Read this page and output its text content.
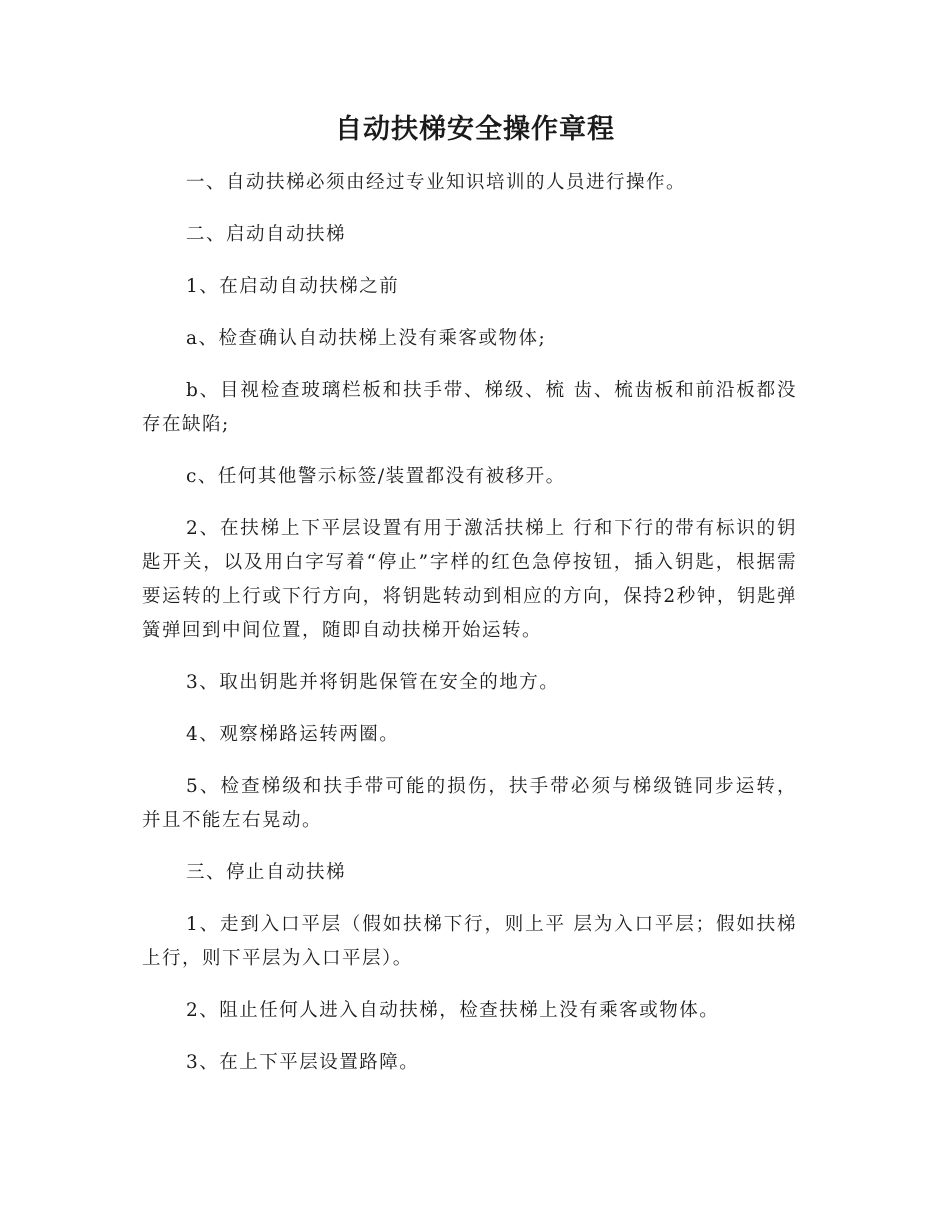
自动扶梯安全操作章程

一、自动扶梯必须由经过专业知识培训的人员进行操作。

二、启动自动扶梯

1、在启动自动扶梯之前

a、检查确认自动扶梯上没有乘客或物体;

b、目视检查玻璃栏板和扶手带、梯级、梳 齿、梳齿板和前沿板都没存在缺陷;

c、任何其他警示标签/装置都没有被移开。

2、在扶梯上下平层设置有用于激活扶梯上 行和下行的带有标识的钥匙开关，以及用白字写着“停止”字样的红色急停按钮，插入钥匙，根据需要运转的上行或下行方向，将钥匙转动到相应的方向，保持2秒钟，钥匙弹簧弹回到中间位置，随即自动扶梯开始运转。

3、取出钥匙并将钥匙保管在安全的地方。

4、观察梯路运转两圈。

5、检查梯级和扶手带可能的损伤，扶手带必须与梯级链同步运转，并且不能左右晃动。

三、停止自动扶梯

1、走到入口平层（假如扶梯下行，则上平 层为入口平层；假如扶梯上行，则下平层为入口平层）。

2、阻止任何人进入自动扶梯，检查扶梯上没有乘客或物体。

3、在上下平层设置路障。
